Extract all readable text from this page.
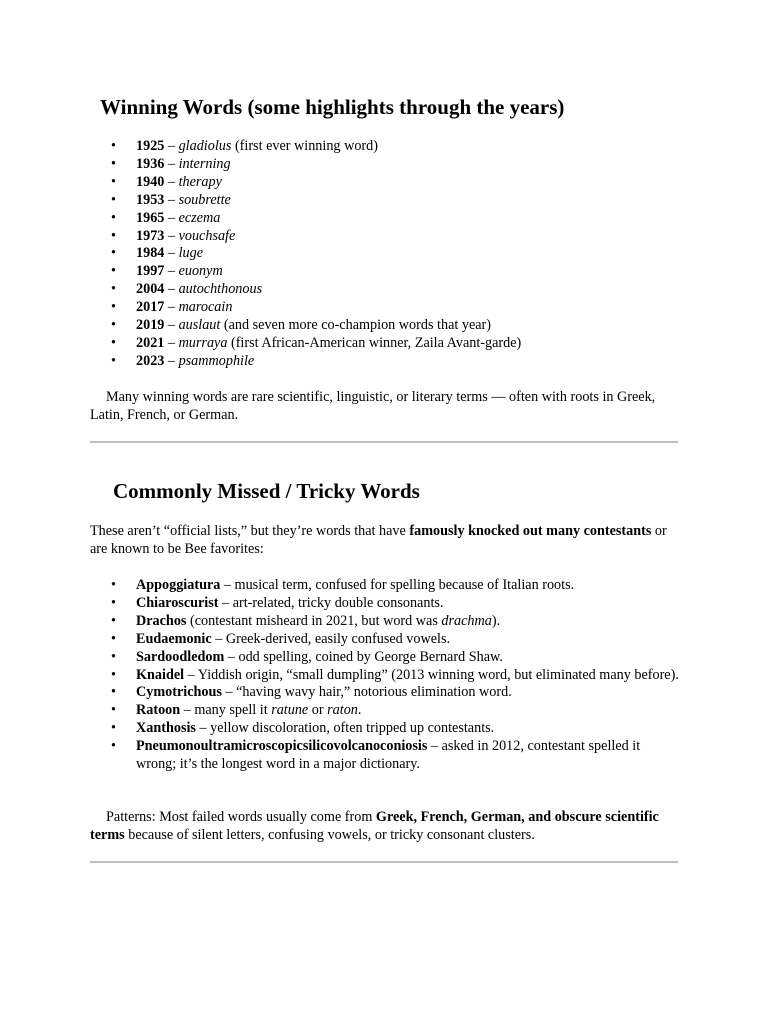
Winning Words (some highlights through the years)
• 1925 – gladiolus (first ever winning word)
• 1936 – interning
• 1940 – therapy
• 1953 – soubrette
• 1965 – eczema
• 1973 – vouchsafe
• 1984 – luge
• 1997 – euonym
• 2004 – autochthonous
• 2017 – marocain
• 2019 – auslaut (and seven more co-champion words that year)
• 2021 – murraya (first African-American winner, Zaila Avant-garde)
• 2023 – psammophile

Many winning words are rare scientific, linguistic, or literary terms — often with roots in Greek, Latin, French, or German.

Commonly Missed / Tricky Words

These aren’t “official lists,” but they’re words that have famously knocked out many contestants or are known to be Bee favorites:

• Appoggiatura – musical term, confused for spelling because of Italian roots.
• Chiaroscurist – art-related, tricky double consonants.
• Drachos (contestant misheard in 2021, but word was drachma).
• Eudaemonic – Greek-derived, easily confused vowels.
• Sardoodledom – odd spelling, coined by George Bernard Shaw.
• Knaidel – Yiddish origin, “small dumpling” (2013 winning word, but eliminated many before).
• Cymotrichous – “having wavy hair,” notorious elimination word.
• Ratoon – many spell it ratune or raton.
• Xanthosis – yellow discoloration, often tripped up contestants.
• Pneumonoultramicroscopicsilicovolcanoconiosis – asked in 2012, contestant spelled it wrong; it’s the longest word in a major dictionary.

Patterns: Most failed words usually come from Greek, French, German, and obscure scientific terms because of silent letters, confusing vowels, or tricky consonant clusters.
